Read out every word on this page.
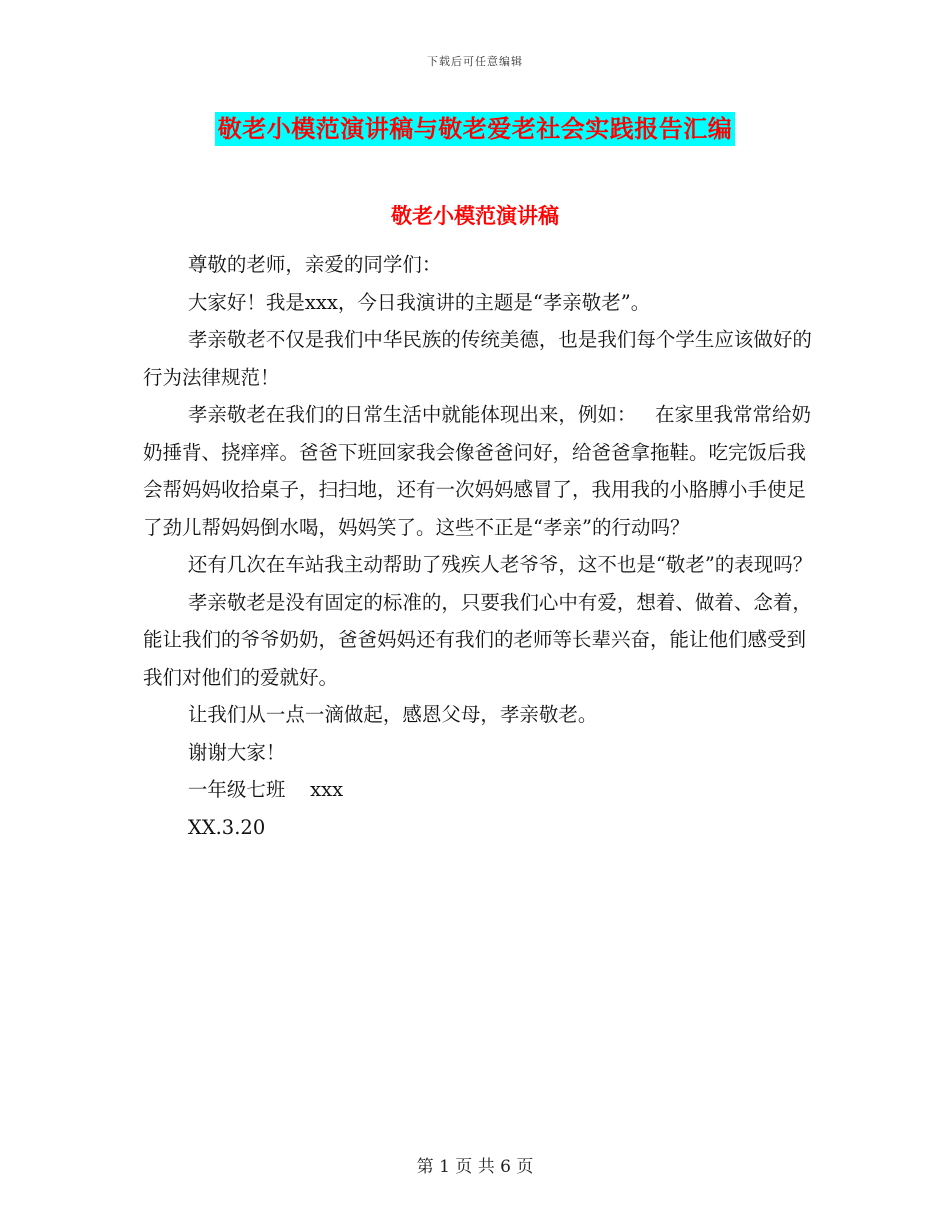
下载后可任意编辑
敬老小模范演讲稿与敬老爱老社会实践报告汇编
敬老小模范演讲稿

尊敬的老师，亲爱的同学们：

大家好！我是xxx，今日我演讲的主题是“孝亲敬老”。

孝亲敬老不仅是我们中华民族的传统美德，也是我们每个学生应该做好的行为法律规范！

孝亲敬老在我们的日常生活中就能体现出来，例如：   在家里我常常给奶奶捶背、挠痒痒。爸爸下班回家我会像爸爸问好，给爸爸拿拖鞋。吃完饭后我会帮妈妈收拾桌子，扫扫地，还有一次妈妈感冒了，我用我的小胳膊小手使足了劲儿帮妈妈倒水喝，妈妈笑了。这些不正是“孝亲”的行动吗？

还有几次在车站我主动帮助了残疾人老爷爷，这不也是“敬老”的表现吗？

孝亲敬老是没有固定的标准的，只要我们心中有爱，想着、做着、念着，能让我们的爷爷奶奶，爸爸妈妈还有我们的老师等长辈兴奋，能让他们感受到我们对他们的爱就好。

让我们从一点一滴做起，感恩父母，孝亲敬老。

谢谢大家！

一年级七班    xxx

XX.3.20

第 1 页 共 6 页
